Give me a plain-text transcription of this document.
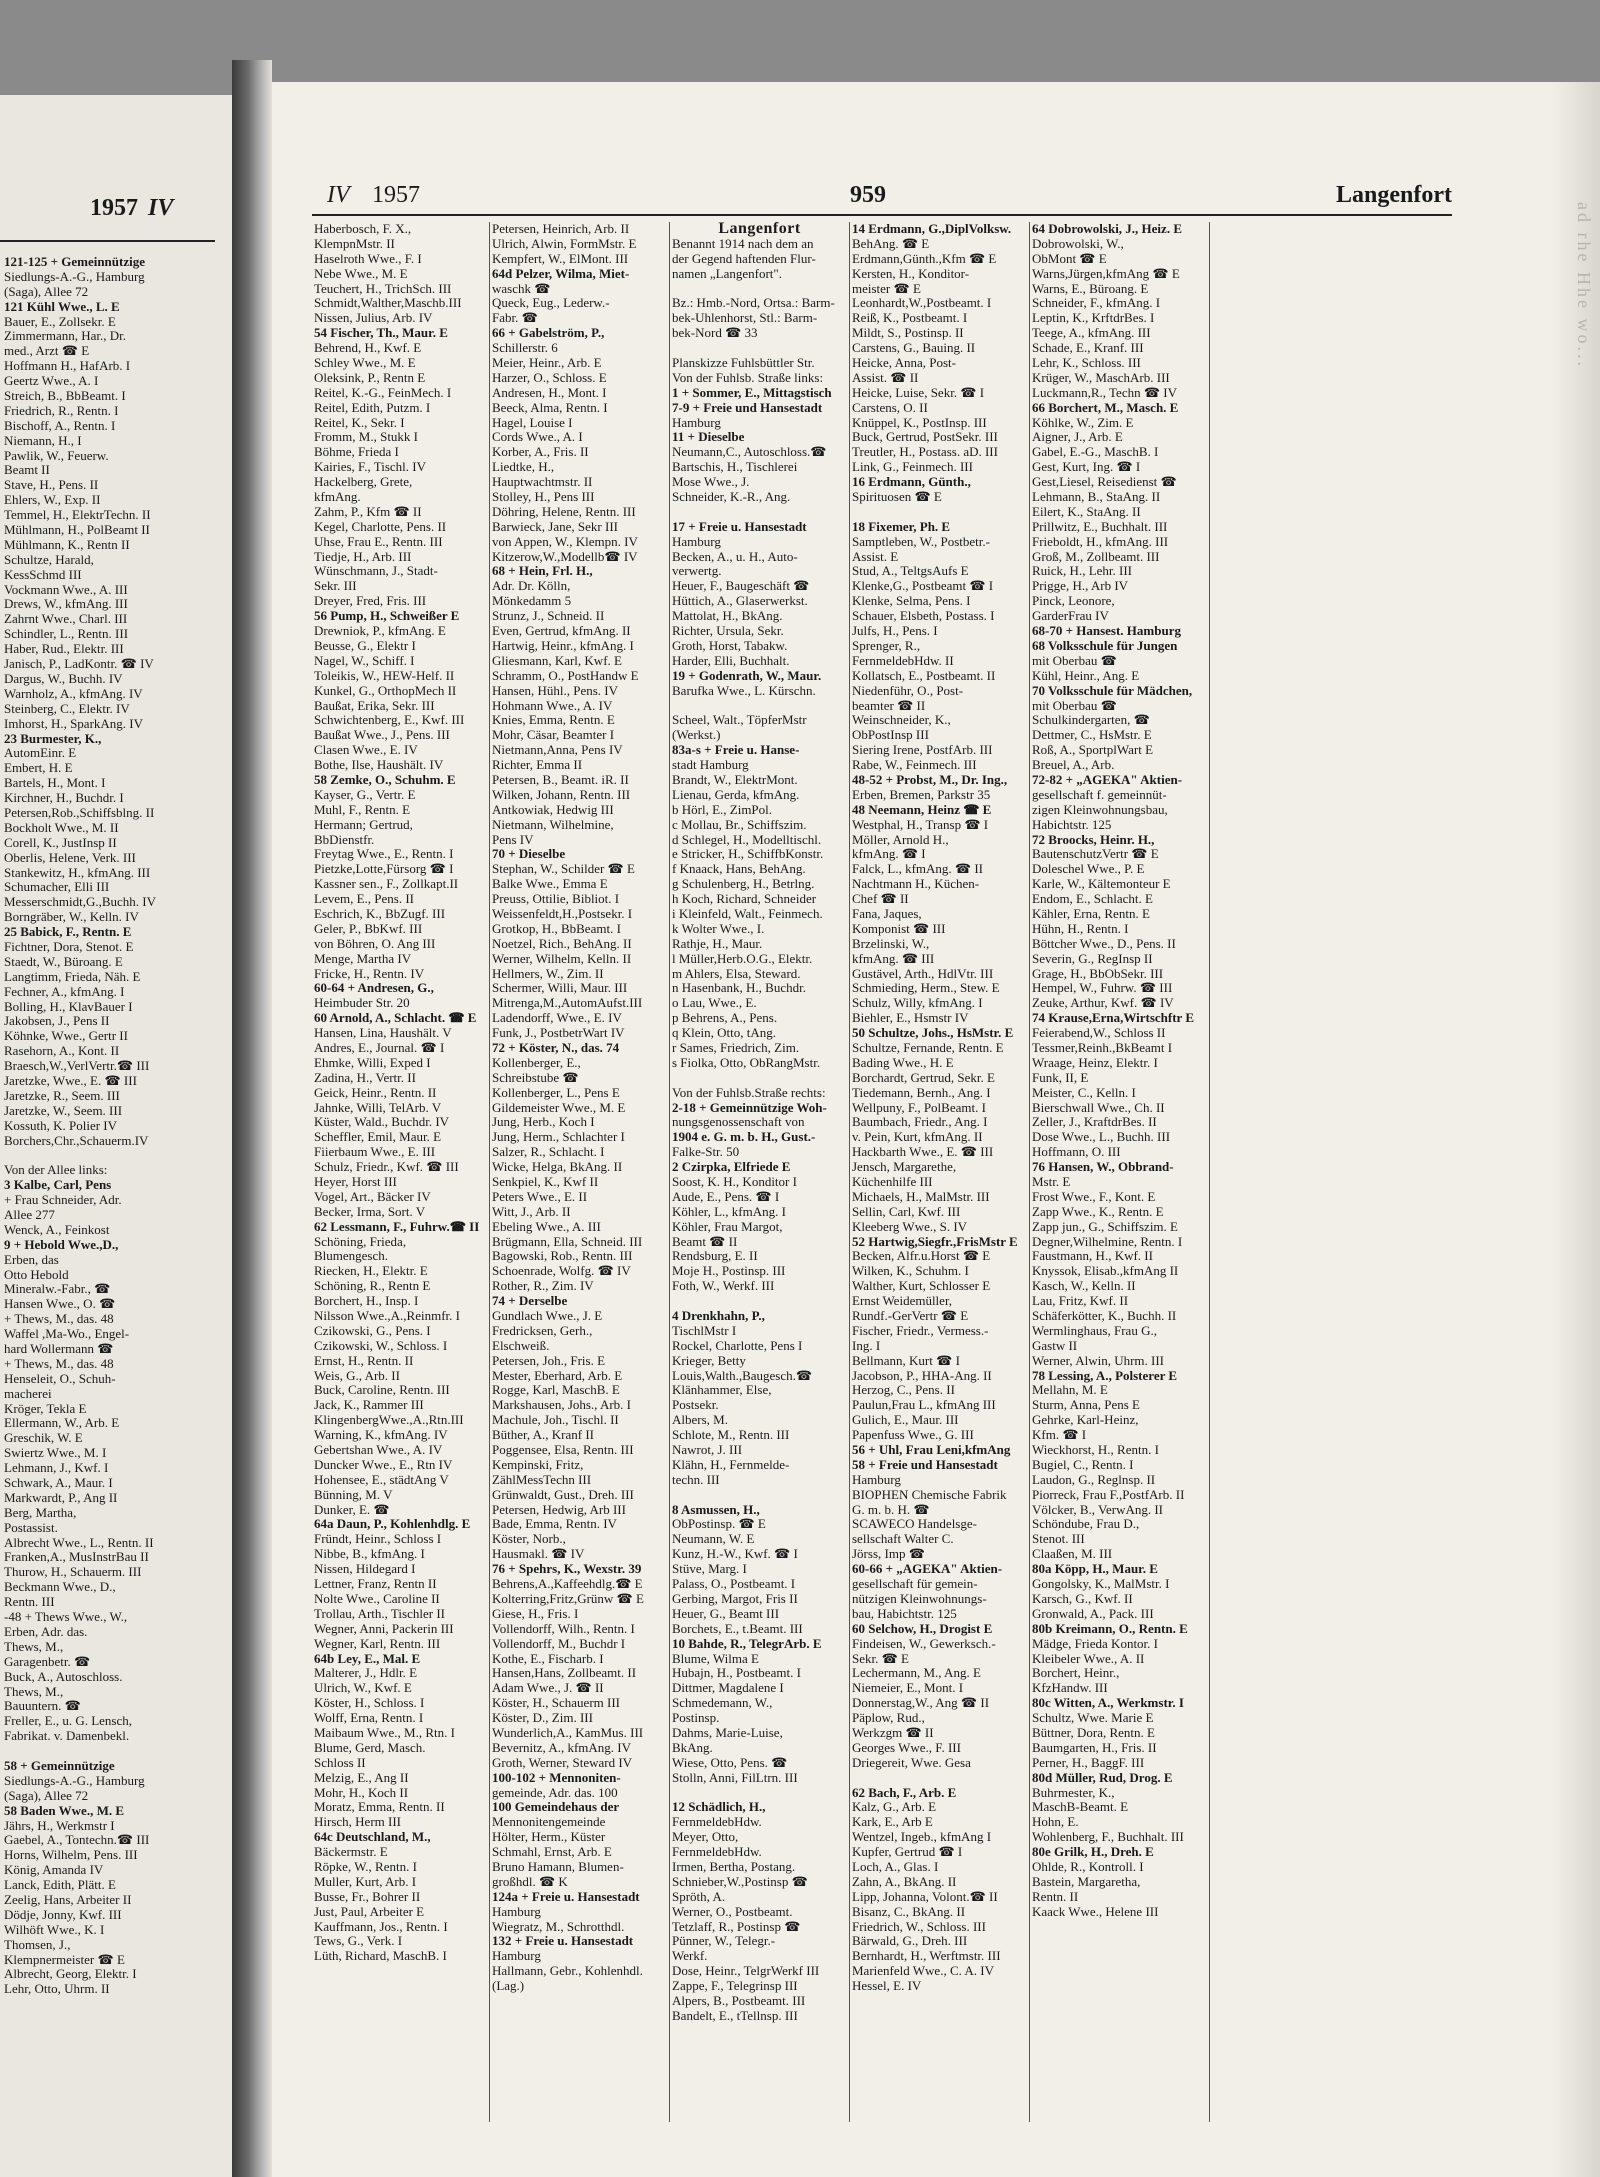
1957 IV
121-125 + Gemeinnützige
Siedlungs-A.-G., Hamburg
(Saga), Allee 72
121 Kühl Wwe., L. E
Bauer, E., Zollsekr. E
Zimmermann, Har., Dr.
med., Arzt ☎ E
Hoffmann H., HafArb. I
Geertz Wwe., A. I
Streich, B., BbBeamt. I
Friedrich, R., Rentn. I
Bischoff, A., Rentn. I
Niemann, H., I
Pawlik, W., Feuerw.
Beamt II
Stave, H., Pens. II
Ehlers, W., Exp. II
Temmel, H., ElektrTechn. II
Mühlmann, H., PolBeamt II
Mühlmann, K., Rentn II
Schultze, Harald,
KessSchmd III
Vockmann Wwe., A. III
Drews, W., kfmAng. III
Zahrnt Wwe., Charl. III
Schindler, L., Rentn. III
Haber, Rud., Elektr. III
Janisch, P., LadKontr. ☎ IV
Dargus, W., Buchh. IV
Warnholz, A., kfmAng. IV
Steinberg, C., Elektr. IV
Imhorst, H., SparkAng. IV
23 Burmester, K.,
AutomEinr. E
Embert, H. E
Bartels, H., Mont. I
Kirchner, H., Buchdr. I
Petersen,Rob.,Schiffsblng. II
Bockholt Wwe., M. II
Corell, K., JustInsp II
Oberlis, Helene, Verk. III
Stankewitz, H., kfmAng. III
Schumacher, Elli III
Messerschmidt,G.,Buchh. IV
Borngräber, W., Kelln. IV
25 Babick, F., Rentn. E
Fichtner, Dora, Stenot. E
Staedt, W., Büroang. E
Langtimm, Frieda, Näh. E
Fechner, A., kfmAng. I
Bolling, H., KlavBauer I
Jakobsen, J., Pens II
Köhnke, Wwe., Gertr II
Rasehorn, A., Kont. II
Braesch,W.,VerlVertr.☎ III
Jaretzke, Wwe., E. ☎ III
Jaretzke, R., Seem. III
Jaretzke, W., Seem. III
Kossuth, K. Polier IV
Borchers,Chr.,Schauerm.IV
Von der Allee links:
3 Kalbe, Carl, Pens
+ Frau Schneider, Adr.
Allee 277
Wenck, A., Feinkost
9 + Hebold Wwe.,D.,
Erben, das
Otto Hebold
Mineralw.-Fabr., ☎
Hansen Wwe., O. ☎
+ Thews, M., das. 48
Waffel ,Ma-Wo., Engel-
hard Wollermann ☎
+ Thews, M., das. 48
Henseleit, O., Schuh-
macherei
Kröger, Tekla E
Ellermann, W., Arb. E
Greschik, W. E
Swiertz Wwe., M. I
Lehmann, J., Kwf. I
Schwark, A., Maur. I
Markwardt, P., Ang II
Berg, Martha,
Postassist.
Albrecht Wwe., L., Rentn. II
Franken,A., MusInstrBau II
Thurow, H., Schauerm. III
Beckmann Wwe., D.,
Rentn. III
-48 + Thews Wwe., W.,
Erben, Adr. das.
Thews, M.,
Garagenbetr. ☎
Buck, A., Autoschloss.
Thews, M.,
Bauuntern. ☎
Freller, E., u. G. Lensch,
Fabrikat. v. Damenbekl.
58 + Gemeinnützige
Siedlungs-A.-G., Hamburg
(Saga), Allee 72
58 Baden Wwe., M. E
Jährs, H., Werkmstr I
Gaebel, A., Tontechn.☎ III
Horns, Wilhelm, Pens. III
König, Amanda IV
Lanck, Edith, Plätt. E
Zeelig, Hans, Arbeiter II
Dödje, Jonny, Kwf. III
Wilhöft Wwe., K. I
Thomsen, J.,
Klempnermeister ☎ E
Albrecht, Georg, Elektr. I
Lehr, Otto, Uhrm. II
IV 1957	959	Langenfort
Haberbosch, F. X.,
KlempnMstr. II
Haselroth Wwe., F. I
Nebe Wwe., M. E
Teuchert, H., TrichSch. III
Schmidt,Walther,Maschb.III
Nissen, Julius, Arb. IV
54 Fischer, Th., Maur. E
Behrend, H., Kwf. E
Schley Wwe., M. E
Oleksink, P., Rentn E
Reitel, K.-G., FeinMech. I
Reitel, Edith, Putzm. I
Reitel, K., Sekr. I
Fromm, M., Stukk I
Böhme, Frieda I
Kairies, F., Tischl. IV
Hackelberg, Grete,
kfmAng.
Zahm, P., Kfm ☎ II
Kegel, Charlotte, Pens. II
Uhse, Frau E., Rentn. III
Tiedje, H., Arb. III
Wünschmann, J., Stadt-
Sekr. III
Dreyer, Fred, Fris. III
56 Pump, H., Schweißer E
Drewniok, P., kfmAng. E
Beusse, G., Elektr I
Nagel, W., Schiff. I
Toleikis, W., HEW-Helf. II
Kunkel, G., OrthopMech II
Baußat, Erika, Sekr. III
Schwichtenberg, E., Kwf. III
Baußat Wwe., J., Pens. III
Clasen Wwe., E. IV
Bothe, Ilse, Haushält. IV
58 Zemke, O., Schuhm. E
Kayser, G., Vertr. E
Muhl, F., Rentn. E
Hermann; Gertrud,
BbDienstfr.
Freytag Wwe., E., Rentn. I
Pietzke,Lotte,Fürsorg ☎ I
Kassner sen., F., Zollkapt.II
Levem, E., Pens. II
Eschrich, K., BbZugf. III
Geler, P., BbKwf. III
von Böhren, O. Ang III
Menge, Martha IV
Fricke, H., Rentn. IV
60-64 + Andresen, G.,
Heimbuder Str. 20
60 Arnold, A., Schlacht. ☎ E
Hansen, Lina, Haushält. V
Andres, E., Journal. ☎ I
Ehmke, Willi, Exped I
Zadina, H., Vertr. II
Geick, Heinr., Rentn. II
Jahnke, Willi, TelArb. V
Küster, Wald., Buchdr. IV
Scheffler, Emil, Maur. E
Fiierbaum Wwe., E. III
Schulz, Friedr., Kwf. ☎ III
Heyer, Horst III
Vogel, Art., Bäcker IV
Becker, Irma, Sort. V
62 Lessmann, F., Fuhrw.☎ II
Schöning, Frieda,
Blumengesch.
Riecken, H., Elektr. E
Schöning, R., Rentn E
Borchert, H., Insp. I
Nilsson Wwe.,A.,Reinmfr. I
Czikowski, G., Pens. I
Czikowski, W., Schloss. I
Ernst, H., Rentn. II
Weis, G., Arb. II
Buck, Caroline, Rentn. III
Jack, K., Rammer III
KlingenbergWwe.,A.,Rtn.III
Warning, K., kfmAng. IV
Gebertshan Wwe., A. IV
Duncker Wwe., E., Rtn IV
Hohensee, E., städtAng V
Bünning, M. V
Dunker, E. ☎
64a Daun, P., Kohlenhdlg. E
Fründt, Heinr., Schloss I
Nibbe, B., kfmAng. I
Nissen, Hildegard I
Lettner, Franz, Rentn II
Nolte Wwe., Caroline II
Trollau, Arth., Tischler II
Wegner, Anni, Packerin III
Wegner, Karl, Rentn. III
64b Ley, E., Mal. E
Malterer, J., Hdlr. E
Ulrich, W., Kwf. E
Köster, H., Schloss. I
Wolff, Erna, Rentn. I
Maibaum Wwe., M., Rtn. I
Blume, Gerd, Masch.
Schloss II
Melzig, E., Ang II
Mohr, H., Koch II
Moratz, Emma, Rentn. II
Hirsch, Herm III
64c Deutschland, M.,
Bäckermstr. E
Röpke, W., Rentn. I
Muller, Kurt, Arb. I
Busse, Fr., Bohrer II
Just, Paul, Arbeiter E
Kauffmann, Jos., Rentn. I
Tews, G., Verk. I
Lüth, Richard, MaschB. I
Petersen, Heinrich, Arb. II
Ulrich, Alwin, FormMstr. E
Kempfert, W., ElMont. III
64d Pelzer, Wilma, Miet-
waschk ☎
Queck, Eug., Lederw.-
Fabr. ☎
66 + Gabelström, P.,
Schillerstr. 6
Meier, Heinr., Arb. E
Harzer, O., Schloss. E
Andresen, H., Mont. I
Beeck, Alma, Rentn. I
Hagel, Louise I
Cords Wwe., A. I
Korber, A., Fris. II
Liedtke, H.,
Hauptwachtmstr. II
Stolley, H., Pens III
Döhring, Helene, Rentn. III
Barwieck, Jane, Sekr III
von Appen, W., Klempn. IV
Kitzerow,W.,Modellb☎ IV
68 + Hein, Frl. H.,
Adr. Dr. Kölln,
Mönkedamm 5
Strunz, J., Schneid. II
Even, Gertrud, kfmAng. II
Hartwig, Heinr., kfmAng. I
Gliesmann, Karl, Kwf. E
Schramm, O., PostHandw E
Hansen, Hühl., Pens. IV
Hohmann Wwe., A. IV
Knies, Emma, Rentn. E
Mohr, Cäsar, Beamter I
Nietmann,Anna, Pens IV
Richter, Emma II
Petersen, B., Beamt. iR. II
Wilken, Johann, Rentn. III
Antkowiak, Hedwig III
Nietmann, Wilhelmine,
Pens IV
70 + Dieselbe
Stephan, W., Schilder ☎ E
Balke Wwe., Emma E
Preuss, Ottilie, Bibliot. I
Weissenfeldt,H.,Postsekr. I
Grotkop, H., BbBeamt. I
Noetzel, Rich., BehAng. II
Werner, Wilhelm, Kelln. II
Hellmers, W., Zim. II
Schermer, Willi, Maur. III
Mitrenga,M.,AutomAufst.III
Ladendorff, Wwe., E. IV
Funk, J., PostbetrWart IV
72 + Köster, N., das. 74
Kollenberger, E.,
Schreibstube ☎
Kollenberger, L., Pens E
Gildemeister Wwe., M. E
Jung, Herb., Koch I
Jung, Herm., Schlachter I
Salzer, R., Schlacht. I
Wicke, Helga, BkAng. II
Senkpiel, K., Kwf II
Peters Wwe., E. II
Witt, J., Arb. II
Ebeling Wwe., A. III
Brügmann, Ella, Schneid. III
Bagowski, Rob., Rentn. III
Schoenrade, Wolfg. ☎ IV
Rother, R., Zim. IV
74 + Derselbe
Gundlach Wwe., J. E
Fredricksen, Gerh.,
Elschweiß.
Petersen, Joh., Fris. E
Mester, Eberhard, Arb. E
Rogge, Karl, MaschB. E
Markshausen, Johs., Arb. I
Machule, Joh., Tischl. II
Büther, A., Kranf II
Poggensee, Elsa, Rentn. III
Kempinski, Fritz,
ZählMessTechn III
Grünwaldt, Gust., Dreh. III
Petersen, Hedwig, Arb III
Bade, Emma, Rentn. IV
Köster, Norb.,
Hausmakl. ☎ IV
76 + Spehrs, K., Wexstr. 39
Behrens,A.,Kaffeehdlg.☎ E
Kolterring,Fritz,Grünw ☎ E
Giese, H., Fris. I
Vollendorff, Wilh., Rentn. I
Vollendorff, M., Buchdr I
Kothe, E., Fischarb. I
Hansen,Hans, Zollbeamt. II
Adam Wwe., J. ☎ II
Köster, H., Schauerm III
Köster, D., Zim. III
Wunderlich,A., KamMus. III
Bevernitz, A., kfmAng. IV
Groth, Werner, Steward IV
100-102 + Mennoniten-
gemeinde, Adr. das. 100
100 Gemeindehaus der
Mennonitengemeinde
Hölter, Herm., Küster
Schmahl, Ernst, Arb. E
Bruno Hamann, Blumen-
großhdl. ☎ K
124a + Freie u. Hansestadt
Hamburg
Wiegratz, M., Schrotthdl.
132 + Freie u. Hansestadt
Hamburg
Hallmann, Gebr., Kohlenhdl.
(Lag.)
Langenfort
Benannt 1914 nach dem an
der Gegend haftenden Flur-
namen „Langenfort".
Bz.: Hmb.-Nord, Ortsa.: Barm-
bek-Uhlenhorst, Stl.: Barm-
bek-Nord ☎ 33
Planskizze Fuhlsbüttler Str.
Von der Fuhlsb. Straße links:
1 + Sommer, E., Mittagstisch
7-9 + Freie und Hansestadt
Hamburg
11 + Dieselbe
Neumann,C., Autoschloss.☎
Bartschis, H., Tischlerei
Mose Wwe., J.
Schneider, K.-R., Ang.
17 + Freie u. Hansestadt
Hamburg
Becken, A., u. H., Auto-
verwertg.
Heuer, F., Baugeschäft ☎
Hüttich, A., Glaserwerkst.
Mattolat, H., BkAng.
Richter, Ursula, Sekr.
Groth, Horst, Tabakw.
Harder, Elli, Buchhalt.
19 + Godenrath, W., Maur.
Barufka Wwe., L. Kürschn.
Scheel, Walt., TöpferMstr
(Werkst.)
83a-s + Freie u. Hanse-
stadt Hamburg
Brandt, W., ElektrMont.
Lienau, Gerda, kfmAng.
b Hörl, E., ZimPol.
c Mollau, Br., Schiffszim.
d Schlegel, H., Modelltischl.
e Stricker, H., SchiffbKonstr.
f Knaack, Hans, BehAng.
g Schulenberg, H., Betrlng.
h Koch, Richard, Schneider
i Kleinfeld, Walt., Feinmech.
k Wolter Wwe., I.
Rathje, H., Maur.
l Müller,Herb.O.G., Elektr.
m Ahlers, Elsa, Steward.
n Hasenbank, H., Buchdr.
o Lau, Wwe., E.
p Behrens, A., Pens.
q Klein, Otto, tAng.
r Sames, Friedrich, Zim.
s Fiolka, Otto, ObRangMstr.
Von der Fuhlsb.Straße rechts:
2-18 + Gemeinnützige Woh-
nungsgenossenschaft von
1904 e. G. m. b. H., Gust.-
Falke-Str. 50
2 Czirpka, Elfriede E
Soost, K. H., Konditor I
Aude, E., Pens. ☎ I
Köhler, L., kfmAng. I
Köhler, Frau Margot,
Beamt ☎ II
Rendsburg, E. II
Moje H., Postinsp. III
Foth, W., Werkf. III
4 Drenkhahn, P.,
TischlMstr I
Rockel, Charlotte, Pens I
Krieger, Betty
Louis,Walth.,Baugesch.☎
Klänhammer, Else,
Postsekr.
Albers, M.
Schlote, M., Rentn. III
Nawrot, J. III
Klähn, H., Fernmelde-
techn. III
8 Asmussen, H.,
ObPostinsp. ☎ E
Neumann, W. E
Kunz, H.-W., Kwf. ☎ I
Stüve, Marg. I
Palass, O., Postbeamt. I
Gerbing, Margot, Fris II
Heuer, G., Beamt III
Borchets, E., t.Beamt. III
10 Bahde, R., TelegrArb. E
Blume, Wilma E
Hubajn, H., Postbeamt. I
Dittmer, Magdalene I
Schmedemann, W.,
Postinsp.
Dahms, Marie-Luise,
BkAng.
Wiese, Otto, Pens. ☎
Stolln, Anni, FilLtrn. III
12 Schädlich, H.,
FernmeldebHdw.
Meyer, Otto,
FernmeldebHdw.
Irmen, Bertha, Postang.
Schnieber,W.,Postinsp ☎
Spröth, A.
Werner, O., Postbeamt.
Tetzlaff, R., Postinsp ☎
Pünner, W., Telegr.-
Werkf.
Dose, Heinr., TelgrWerkf III
Zappe, F., Telegrinsp III
Alpers, B., Postbeamt. III
Bandelt, E., tTellnsp. III
14 Erdmann, G.,DiplVolksw.
BehAng. ☎ E
Erdmann,Günth.,Kfm ☎ E
Kersten, H., Konditor-
meister ☎ E
Leonhardt,W.,Postbeamt. I
Reiß, K., Postbeamt. I
Mildt, S., Postinsp. II
Carstens, G., Bauing. II
Heicke, Anna, Post-
Assist. ☎ II
Heicke, Luise, Sekr. ☎ I
Carstens, O. II
Knüppel, K., PostInsp. III
Buck, Gertrud, PostSekr. III
Treutler, H., Postass. aD. III
Link, G., Feinmech. III
16 Erdmann, Günth.,
Spirituosen ☎ E
18 Fixemer, Ph. E
Samptleben, W., Postbetr.-
Assist. E
Stud, A., TeltgsAufs E
Klenke,G., Postbeamt ☎ I
Klenke, Selma, Pens. I
Schauer, Elsbeth, Postass. I
Julfs, H., Pens. I
Sprenger, R.,
FernmeldebHdw. II
Kollatsch, E., Postbeamt. II
Niedenführ, O., Post-
beamter ☎ II
Weinschneider, K.,
ObPostInsp III
Siering Irene, PostfArb. III
Rabe, W., Feinmech. III
48-52 + Probst, M., Dr. Ing.,
Erben, Bremen, Parkstr 35
48 Neemann, Heinz ☎ E
Westphal, H., Transp ☎ I
Möller, Arnold H.,
kfmAng. ☎ I
Falck, L., kfmAng. ☎ II
Nachtmann H., Küchen-
Chef ☎ II
Fana, Jaques,
Komponist ☎ III
Brzelinski, W.,
kfmAng. ☎ III
Gustävel, Arth., HdlVtr. III
Schmieding, Herm., Stew. E
Schulz, Willy, kfmAng. I
Biehler, E., Hsmstr IV
50 Schultze, Johs., HsMstr. E
Schultze, Fernande, Rentn. E
Bading Wwe., H. E
Borchardt, Gertrud, Sekr. E
Tiedemann, Bernh., Ang. I
Wellpuny, F., PolBeamt. I
Baumbach, Friedr., Ang. I
v. Pein, Kurt, kfmAng. II
Hackbarth Wwe., E. ☎ III
Jensch, Margarethe,
Küchenhilfe III
Michaels, H., MalMstr. III
Sellin, Carl, Kwf. III
Kleeberg Wwe., S. IV
52 Hartwig,Siegfr.,FrisMstr E
Becken, Alfr.u.Horst ☎ E
Wilken, K., Schuhm. I
Walther, Kurt, Schlosser E
Ernst Weidemüller,
Rundf.-GerVertr ☎ E
Fischer, Friedr., Vermess.-
Ing. I
Bellmann, Kurt ☎ I
Jacobson, P., HHA-Ang. II
Herzog, C., Pens. II
Paulun,Frau L., kfmAng III
Gulich, E., Maur. III
Papenfuss Wwe., G. III
56 + Uhl, Frau Leni,kfmAng
58 + Freie und Hansestadt
Hamburg
BIOPHEN Chemische Fabrik
G. m. b. H. ☎
SCAWECO Handelsge-
sellschaft Walter C.
Jörss, Imp ☎
60-66 + „AGEKA" Aktien-
gesellschaft für gemein-
nützigen Kleinwohnungs-
bau, Habichtstr. 125
60 Selchow, H., Drogist E
Findeisen, W., Gewerksch.-
Sekr. ☎ E
Lechermann, M., Ang. E
Niemeier, E., Mont. I
Donnerstag,W., Ang ☎ II
Päplow, Rud.,
Werkzgm ☎ II
Georges Wwe., F. III
Driegereit, Wwe. Gesa
62 Bach, F., Arb. E
Kalz, G., Arb. E
Kark, E., Arb E
Wentzel, Ingeb., kfmAng I
Kupfer, Gertrud ☎ I
Loch, A., Glas. I
Zahn, A., BkAng. II
Lipp, Johanna, Volont.☎ II
Bisanz, C., BkAng. II
Friedrich, W., Schloss. III
Bärwald, G., Dreh. III
Bernhardt, H., Werftmstr. III
Marienfeld Wwe., C. A. IV
Hessel, E. IV
64 Dobrowolski, J., Heiz. E
Dobrowolski, W.,
ObMont ☎ E
Warns,Jürgen,kfmAng ☎ E
Warns, E., Büroang. E
Schneider, F., kfmAng. I
Leptin, K., KrftdrBes. I
Teege, A., kfmAng. III
Schade, E., Kranf. III
Lehr, K., Schloss. III
Krüger, W., MaschArb. III
Luckmann,R., Techn ☎ IV
66 Borchert, M., Masch. E
Köhlke, W., Zim. E
Aigner, J., Arb. E
Gabel, E.-G., MaschB. I
Gest, Kurt, Ing. ☎ I
Gest,Liesel, Reisedienst ☎
Lehmann, B., StaAng. II
Eilert, K., StaAng. II
Prillwitz, E., Buchhalt. III
Frieboldt, H., kfmAng. III
Groß, M., Zollbeamt. III
Ruick, H., Lehr. III
Prigge, H., Arb IV
Pinck, Leonore,
GarderFrau IV
68-70 + Hansest. Hamburg
68 Volksschule für Jungen
mit Oberbau ☎
Kühl, Heinr., Ang. E
70 Volksschule für Mädchen,
mit Oberbau ☎
Schulkindergarten, ☎
Dettmer, C., HsMstr. E
Roß, A., SportplWart E
Breuel, A., Arb.
72-82 + „AGEKA" Aktien-
gesellschaft f. gemeinnüt-
zigen Kleinwohnungsbau,
Habichtstr. 125
72 Broocks, Heinr. H.,
BautenschutzVertr ☎ E
Doleschel Wwe., P. E
Karle, W., Kältemonteur E
Endom, E., Schlacht. E
Kähler, Erna, Rentn. E
Hühn, H., Rentn. I
Böttcher Wwe., D., Pens. II
Severin, G., RegInsp II
Grage, H., BbObSekr. III
Hempel, W., Fuhrw. ☎ III
Zeuke, Arthur, Kwf. ☎ IV
74 Krause,Erna,Wirtschftr E
Feierabend,W., Schloss II
Tessmer,Reinh.,BkBeamt I
Wraage, Heinz, Elektr. I
Funk, II, E
Meister, C., Kelln. I
Bierschwall Wwe., Ch. II
Zeller, J., KraftdrBes. II
Dose Wwe., L., Buchh. III
Hoffmann, O. III
76 Hansen, W., Obbrand-
Mstr. E
Frost Wwe., F., Kont. E
Zapp Wwe., K., Rentn. E
Zapp jun., G., Schiffszim. E
Degner,Wilhelmine, Rentn. I
Faustmann, H., Kwf. II
Knyssok, Elisab.,kfmAng II
Kasch, W., Kelln. II
Lau, Fritz, Kwf. II
Schäferkötter, K., Buchh. II
Wermlinghaus, Frau G.,
Gastw II
Werner, Alwin, Uhrm. III
78 Lessing, A., Polsterer E
Mellahn, M. E
Sturm, Anna, Pens E
Gehrke, Karl-Heinz,
Kfm. ☎ I
Wieckhorst, H., Rentn. I
Bugiel, C., Rentn. I
Laudon, G., Reglnsp. II
Piorreck, Frau F.,PostfArb. II
Völcker, B., VerwAng. II
Schöndube, Frau D.,
Stenot. III
Claaßen, M. III
80a Köpp, H., Maur. E
Gongolsky, K., MalMstr. I
Karsch, G., Kwf. II
Gronwald, A., Pack. III
80b Kreimann, O., Rentn. E
Mädge, Frieda Kontor. I
Kleibeler Wwe., A. II
Borchert, Heinr.,
KfzHandw. III
80c Witten, A., Werkmstr. I
Schultz, Wwe. Marie E
Büttner, Dora, Rentn. E
Baumgarten, H., Fris. II
Perner, H., BaggF. III
80d Müller, Rud, Drog. E
Buhrmester, K.,
MaschB-Beamt. E
Hohn, E.
Wohlenberg, F., Buchhalt. III
80e Grilk, H., Dreh. E
Ohlde, R., Kontroll. I
Bastein, Margaretha,
Rentn. II
Kaack Wwe., Helene III
ad rhe Hhe wo...
